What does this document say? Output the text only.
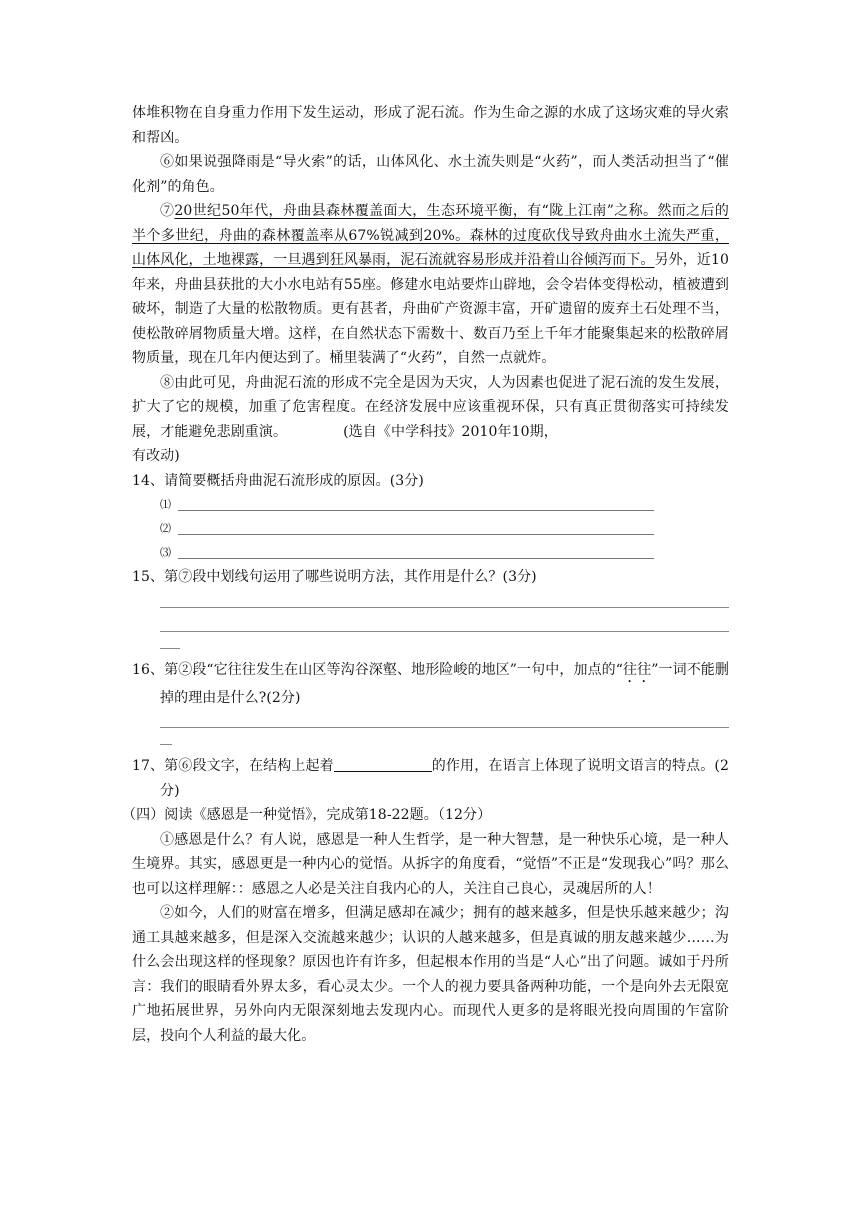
体堆积物在自身重力作用下发生运动，形成了泥石流。作为生命之源的水成了这场灾难的导火索和帮凶。

⑥如果说强降雨是“导火索”的话，山体风化、水土流失则是“火药”，而人类活动担当了“催化剂”的角色。

⑦20世纪50年代，舟曲县森林覆盖面大，生态环境平衡，有“陇上江南”之称。然而之后的半个多世纪，舟曲的森林覆盖率从67%锐减到20%。森林的过度砍伐导致舟曲水土流失严重，山体风化，土地裸露，一旦遇到狂风暴雨，泥石流就容易形成并沿着山谷倾泻而下。另外，近10年来，舟曲县获批的大小水电站有55座。修建水电站要炸山辟地，会令岩体变得松动，植被遭到破坏，制造了大量的松散物质。更有甚者，舟曲矿产资源丰富，开矿遗留的废弃土石处理不当，使松散碎屑物质量大增。这样，在自然状态下需数十、数百乃至上千年才能聚集起来的松散碎屑物质量，现在几年内便达到了。桶里装满了“火药”，自然一点就炸。

⑧由此可见，舟曲泥石流的形成不完全是因为天灾，人为因素也促进了泥石流的发生发展，扩大了它的规模，加重了危害程度。在经济发展中应该重视环保，只有真正贯彻落实可持续发展，才能避免悲剧重演。	(选自《中学科技》2010年10期，

有改动)

14、请简要概括舟曲泥石流形成的原因。(3分)

⑴
⑵
⑶

15、第⑦段中划线句运用了哪些说明方法，其作用是什么？(3分)

16、第②段“它往往发生在山区等沟谷深壑、地形险峻的地区”一句中，加点的“往往”一词不能删掉的理由是什么?(2分)

17、第⑥段文字，在结构上起着	的作用，在语言上体现了说明文语言的特点。(2分)

（四）阅读《感恩是一种觉悟》，完成第18-22题。（12分）

①感恩是什么？有人说，感恩是一种人生哲学，是一种大智慧，是一种快乐心境，是一种人生境界。其实，感恩更是一种内心的觉悟。从拆字的角度看，“觉悟”不正是“发现我心”吗？那么也可以这样理解：：感恩之人必是关注自我内心的人，关注自己良心，灵魂居所的人！

②如今，人们的财富在增多，但满足感却在减少；拥有的越来越多，但是快乐越来越少；沟通工具越来越多，但是深入交流越来越少；认识的人越来越多，但是真诚的朋友越来越少……为什么会出现这样的怪现象？原因也许有许多，但起根本作用的当是“人心”出了问题。诚如于丹所言：我们的眼睛看外界太多，看心灵太少。一个人的视力要具备两种功能，一个是向外去无限宽广地拓展世界，另外向内无限深刻地去发现内心。而现代人更多的是将眼光投向周围的乍富阶层，投向个人利益的最大化。
